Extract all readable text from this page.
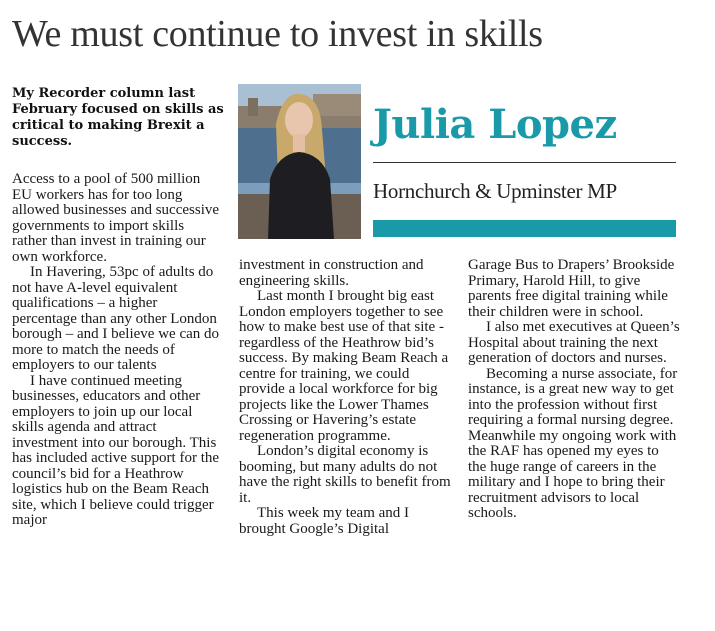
We must continue to invest in skills
My Recorder column last February focused on skills as critical to making Brexit a success.	Julia Lopez
Hornchurch & Upminster MP

Access to a pool of 500 million EU workers has for too long allowed businesses and successive governments to import skills rather than invest in training our own workforce.

In Havering, 53pc of adults do not have A-level equivalent qualifications – a higher percentage than any other London borough – and I believe we can do more to match the needs of employers to our talents

I have continued meeting businesses, educators and other employers to join up our local skills agenda and attract investment into our borough. This has included active support for the council’s bid for a Heathrow logistics hub on the Beam Reach site, which I believe could trigger major

investment in construction and engineering skills.

Last month I brought big east London employers together to see how to make best use of that site - regardless of the Heathrow bid’s success. By making Beam Reach a centre for training, we could provide a local workforce for big projects like the Lower Thames Crossing or Havering’s estate regeneration programme.

London’s digital economy is booming, but many adults do not have the right skills to benefit from it.

This week my team and I brought Google’s Digital

Garage Bus to Drapers’ Brookside Primary, Harold Hill, to give parents free digital training while their children were in school.

I also met executives at Queen’s Hospital about training the next generation of doctors and nurses.

Becoming a nurse associate, for instance, is a great new way to get into the profession without first requiring a formal nursing degree. Meanwhile my ongoing work with the RAF has opened my eyes to the huge range of careers in the military and I hope to bring their recruitment advisors to local schools.
